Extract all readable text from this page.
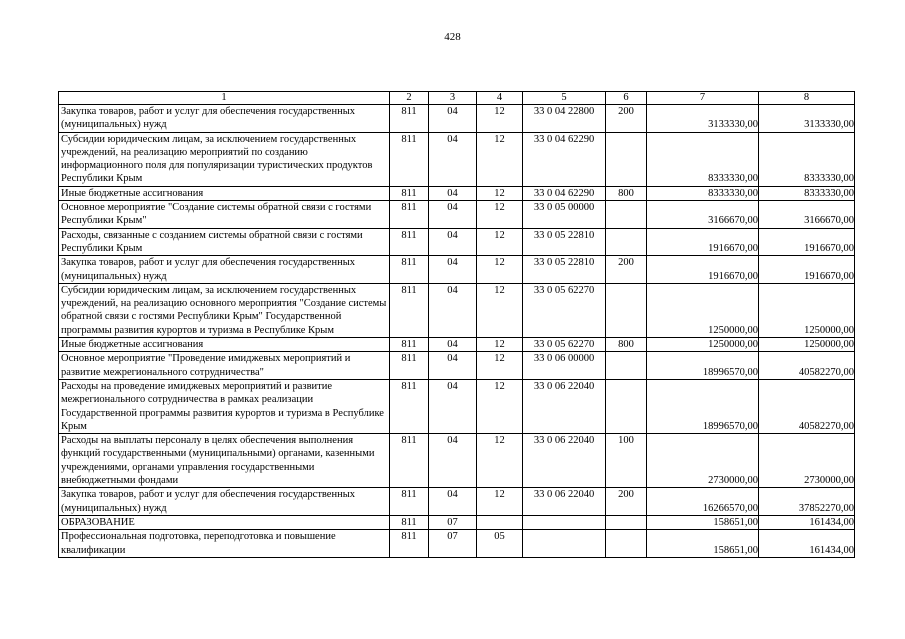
428
1	2	3	4	5	6	7	8
Закупка товаров, работ и услуг для обеспечения государственных (муниципальных) нужд	811	04	12	33 0 04 22800	200	3133330,00	3133330,00
Субсидии юридическим лицам, за исключением государственных учреждений, на реализацию мероприятий по созданию информационного поля для популяризации туристических продуктов Республики Крым	811	04	12	33 0 04 62290		8333330,00	8333330,00
Иные бюджетные ассигнования	811	04	12	33 0 04 62290	800	8333330,00	8333330,00
Основное мероприятие "Создание системы обратной связи с гостями Республики Крым"	811	04	12	33 0 05 00000		3166670,00	3166670,00
Расходы, связанные с созданием системы обратной связи с гостями Республики Крым	811	04	12	33 0 05 22810		1916670,00	1916670,00
Закупка товаров, работ и услуг для обеспечения государственных (муниципальных) нужд	811	04	12	33 0 05 22810	200	1916670,00	1916670,00
Субсидии юридическим лицам, за исключением государственных учреждений, на реализацию основного мероприятия "Создание системы обратной связи с гостями Республики Крым" Государственной программы развития курортов и туризма в Республике Крым	811	04	12	33 0 05 62270		1250000,00	1250000,00
Иные бюджетные ассигнования	811	04	12	33 0 05 62270	800	1250000,00	1250000,00
Основное мероприятие "Проведение имиджевых мероприятий и развитие межрегионального сотрудничества"	811	04	12	33 0 06 00000		18996570,00	40582270,00
Расходы на проведение имиджевых мероприятий и развитие межрегионального сотрудничества в рамках реализации Государственной программы развития курортов и туризма в Республике Крым	811	04	12	33 0 06 22040		18996570,00	40582270,00
Расходы на выплаты персоналу в целях обеспечения выполнения функций государственными (муниципальными) органами, казенными учреждениями, органами управления государственными внебюджетными фондами	811	04	12	33 0 06 22040	100	2730000,00	2730000,00
Закупка товаров, работ и услуг для обеспечения государственных (муниципальных) нужд	811	04	12	33 0 06 22040	200	16266570,00	37852270,00
ОБРАЗОВАНИЕ	811	07				158651,00	161434,00
Профессиональная подготовка, переподготовка и повышение квалификации	811	07	05			158651,00	161434,00
